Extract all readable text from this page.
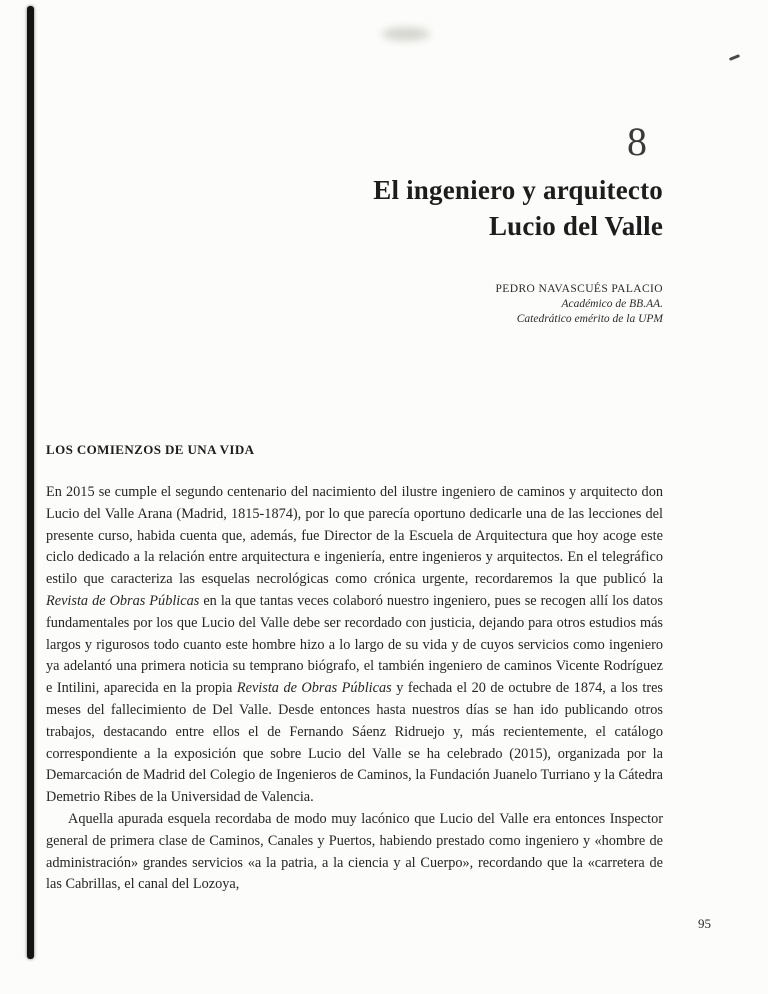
8
El ingeniero y arquitecto
Lucio del Valle
PEDRO NAVASCUÉS PALACIO
Académico de BB.AA.
Catedrático emérito de la UPM
LOS COMIENZOS DE UNA VIDA

En 2015 se cumple el segundo centenario del nacimiento del ilustre ingeniero de caminos y arquitecto don Lucio del Valle Arana (Madrid, 1815-1874), por lo que parecía oportuno dedicarle una de las lecciones del presente curso, habida cuenta que, además, fue Director de la Escuela de Arquitectura que hoy acoge este ciclo dedicado a la relación entre arquitectura e ingeniería, entre ingenieros y arquitectos. En el telegráfico estilo que caracteriza las esquelas necrológicas como crónica urgente, recordaremos la que publicó la Revista de Obras Públicas en la que tantas veces colaboró nuestro ingeniero, pues se recogen allí los datos fundamentales por los que Lucio del Valle debe ser recordado con justicia, dejando para otros estudios más largos y rigurosos todo cuanto este hombre hizo a lo largo de su vida y de cuyos servicios como ingeniero ya adelantó una primera noticia su temprano biógrafo, el también ingeniero de caminos Vicente Rodríguez e Intilini, aparecida en la propia Revista de Obras Públicas y fechada el 20 de octubre de 1874, a los tres meses del fallecimiento de Del Valle. Desde entonces hasta nuestros días se han ido publicando otros trabajos, destacando entre ellos el de Fernando Sáenz Ridruejo y, más recientemente, el catálogo correspondiente a la exposición que sobre Lucio del Valle se ha celebrado (2015), organizada por la Demarcación de Madrid del Colegio de Ingenieros de Caminos, la Fundación Juanelo Turriano y la Cátedra Demetrio Ribes de la Universidad de Valencia.

Aquella apurada esquela recordaba de modo muy lacónico que Lucio del Valle era entonces Inspector general de primera clase de Caminos, Canales y Puertos, habiendo prestado como ingeniero y «hombre de administración» grandes servicios «a la patria, a la ciencia y al Cuerpo», recordando que la «carretera de las Cabrillas, el canal del Lozoya,

95
